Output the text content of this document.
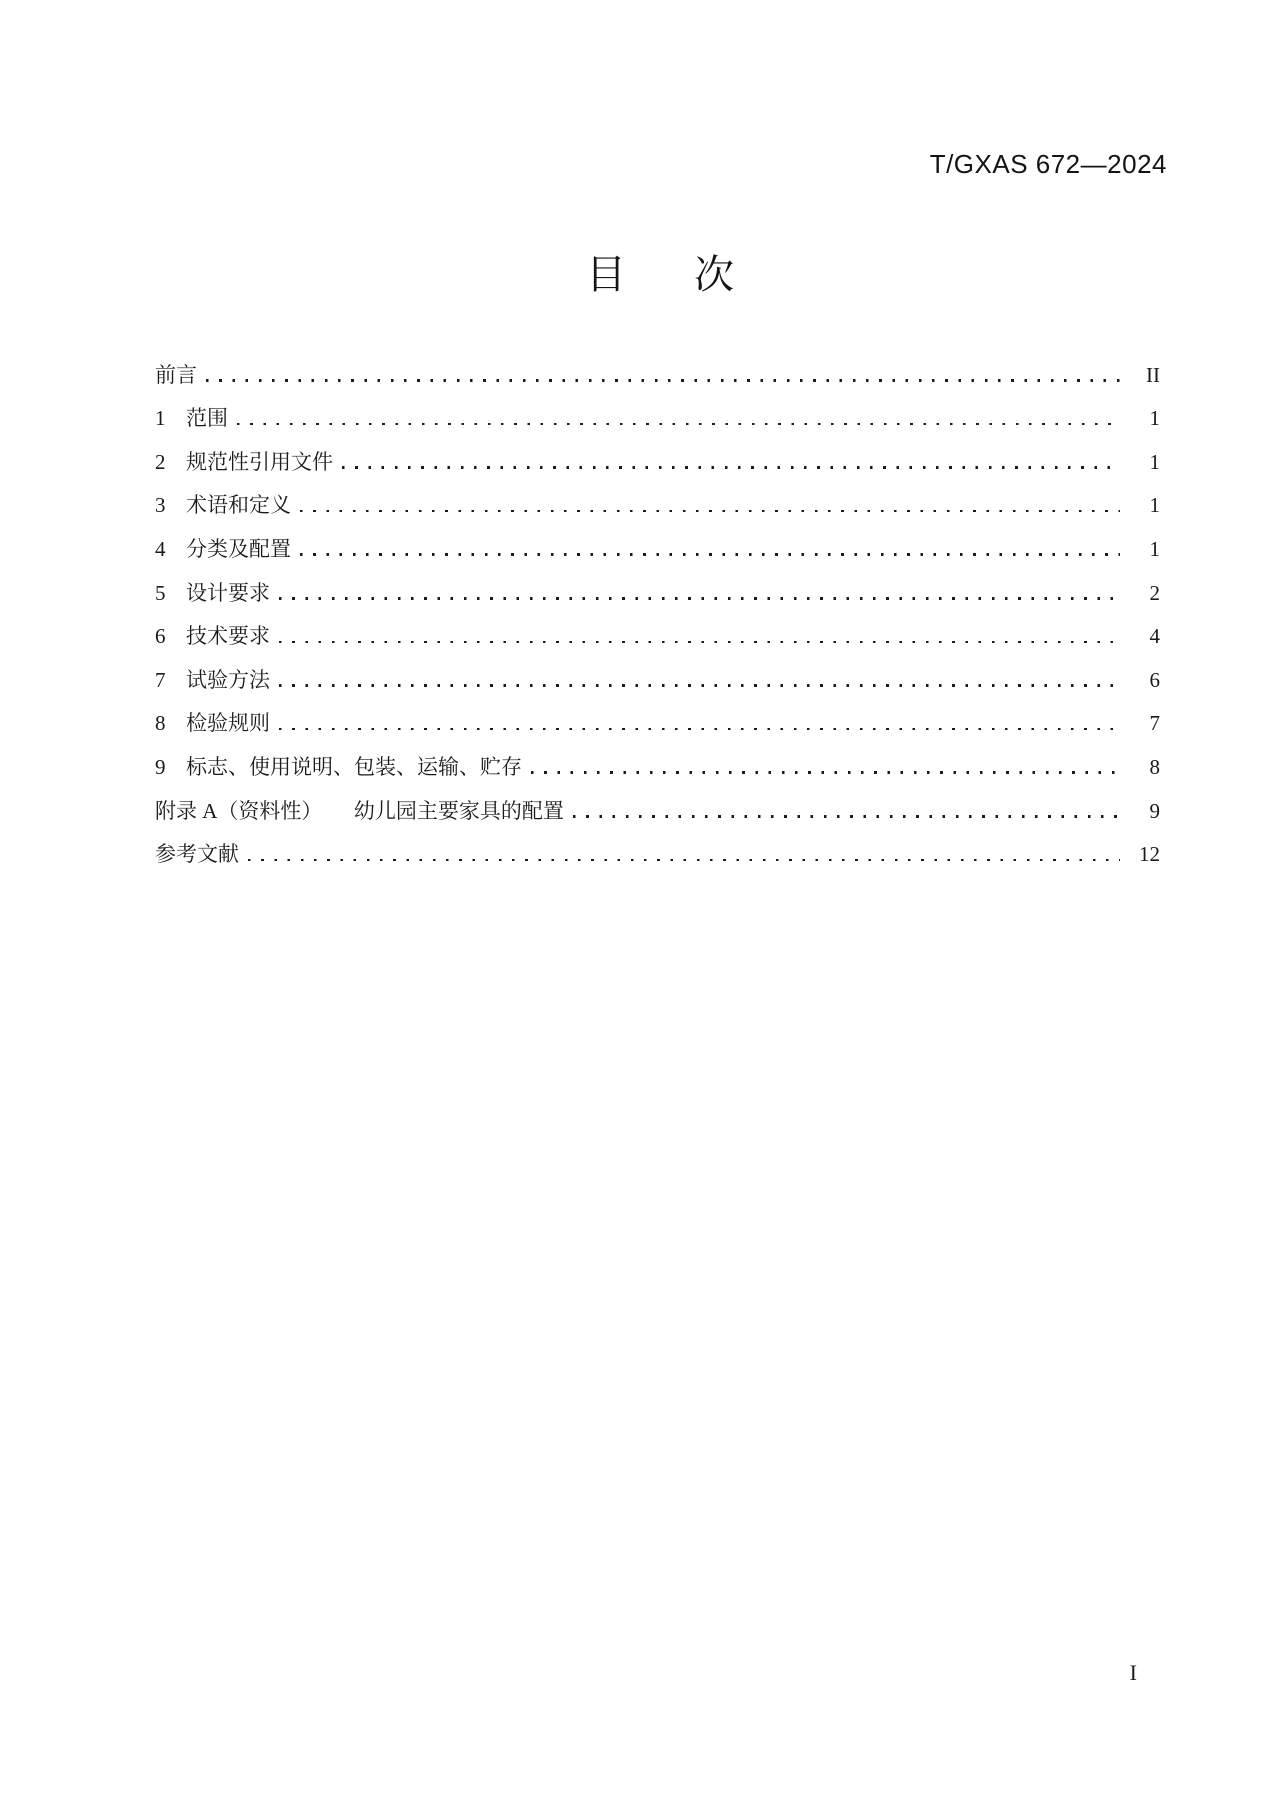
T/GXAS 672—2024
目　次
前言	II
1 范围	1
2 规范性引用文件	1
3 术语和定义	1
4 分类及配置	1
5 设计要求	2
6 技术要求	4
7 试验方法	6
8 检验规则	7
9 标志、使用说明、包装、运输、贮存	8
附录 A（资料性）　　幼儿园主要家具的配置	9
参考文献	12
I
